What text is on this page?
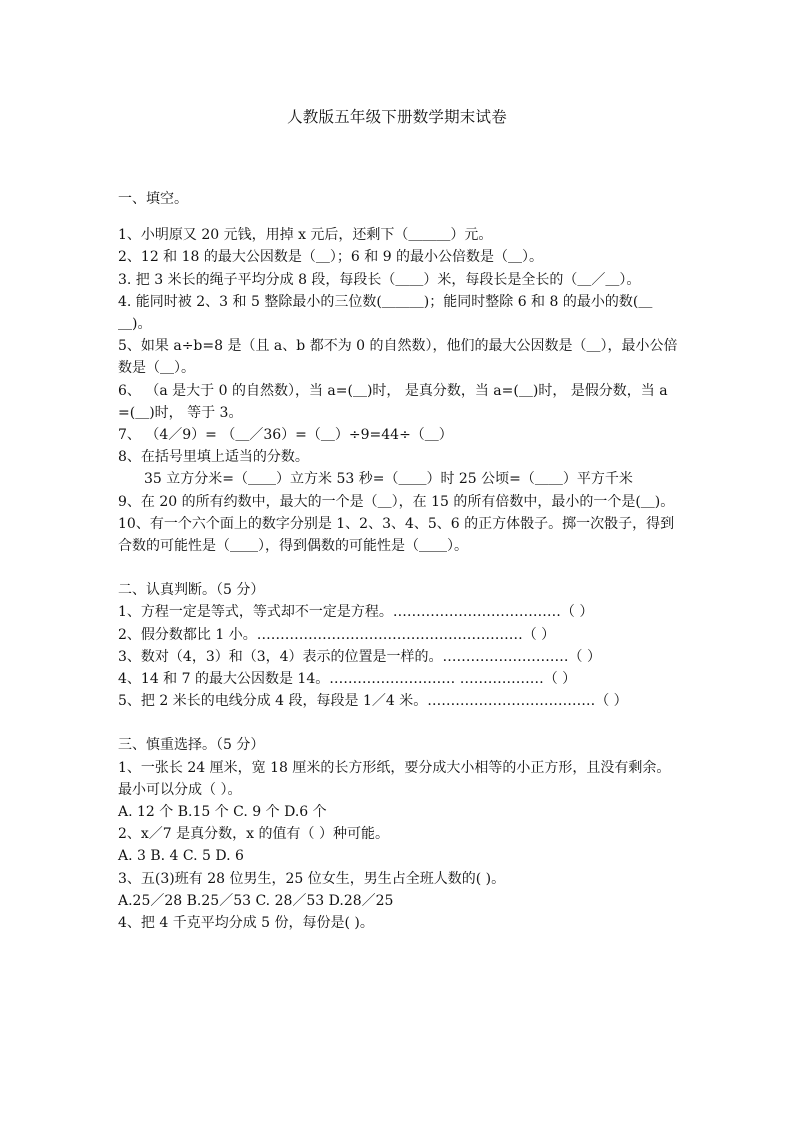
人教版五年级下册数学期末试卷

一、填空。

1、小明原又 20 元钱，用掉 x 元后，还剩下（＿＿＿）元。

2、12 和 18 的最大公因数是（＿）；6 和 9 的最小公倍数是（＿）。

3. 把 3 米长的绳子平均分成 8 段，每段长（＿＿）米，每段长是全长的（＿／＿）。

4. 能同时被 2、3 和 5 整除最小的三位数(＿＿＿)；能同时整除 6 和 8 的最小的数(＿＿)。

5、如果 a÷b=8 是（且 a、b 都不为 0 的自然数），他们的最大公因数是（＿），最小公倍数是（＿）。

6、 （a 是大于 0 的自然数），当 a=(＿)时， 是真分数，当 a=(＿)时， 是假分数，当 a=(＿)时， 等于 3。

7、 （4／9）= （＿／36）=（＿）÷9=44÷（＿）

8、在括号里填上适当的分数。

35 立方分米=（＿＿）立方米 53 秒=（＿＿）时 25 公顷=（＿＿）平方千米

9、在 20 的所有约数中，最大的一个是（＿），在 15 的所有倍数中，最小的一个是(＿)。

10、有一个六个面上的数字分别是 1、2、3、4、5、6 的正方体骰子。掷一次骰子，得到合数的可能性是（＿＿），得到偶数的可能性是（＿＿）。

二、认真判断。（5 分）

1、方程一定是等式，等式却不一定是方程。………………………………（ ）

2、假分数都比 1 小。…………………………………………………（ ）

3、数对（4，3）和（3，4）表示的位置是一样的。………………………（ ）

4、14 和 7 的最大公因数是 14。……………………… ………………（ ）

5、把 2 米长的电线分成 4 段，每段是 1／4 米。………………………………（ ）

三、慎重选择。（5 分）

1、一张长 24 厘米，宽 18 厘米的长方形纸，要分成大小相等的小正方形，且没有剩余。最小可以分成（ ）。

A. 12 个 B.15 个 C. 9 个 D.6 个

2、x／7 是真分数，x 的值有（ ）种可能。

A. 3 B. 4 C. 5 D. 6

3、五(3)班有 28 位男生，25 位女生，男生占全班人数的( )。

A.25／28 B.25／53 C. 28／53 D.28／25

4、把 4 千克平均分成 5 份，每份是( )。
